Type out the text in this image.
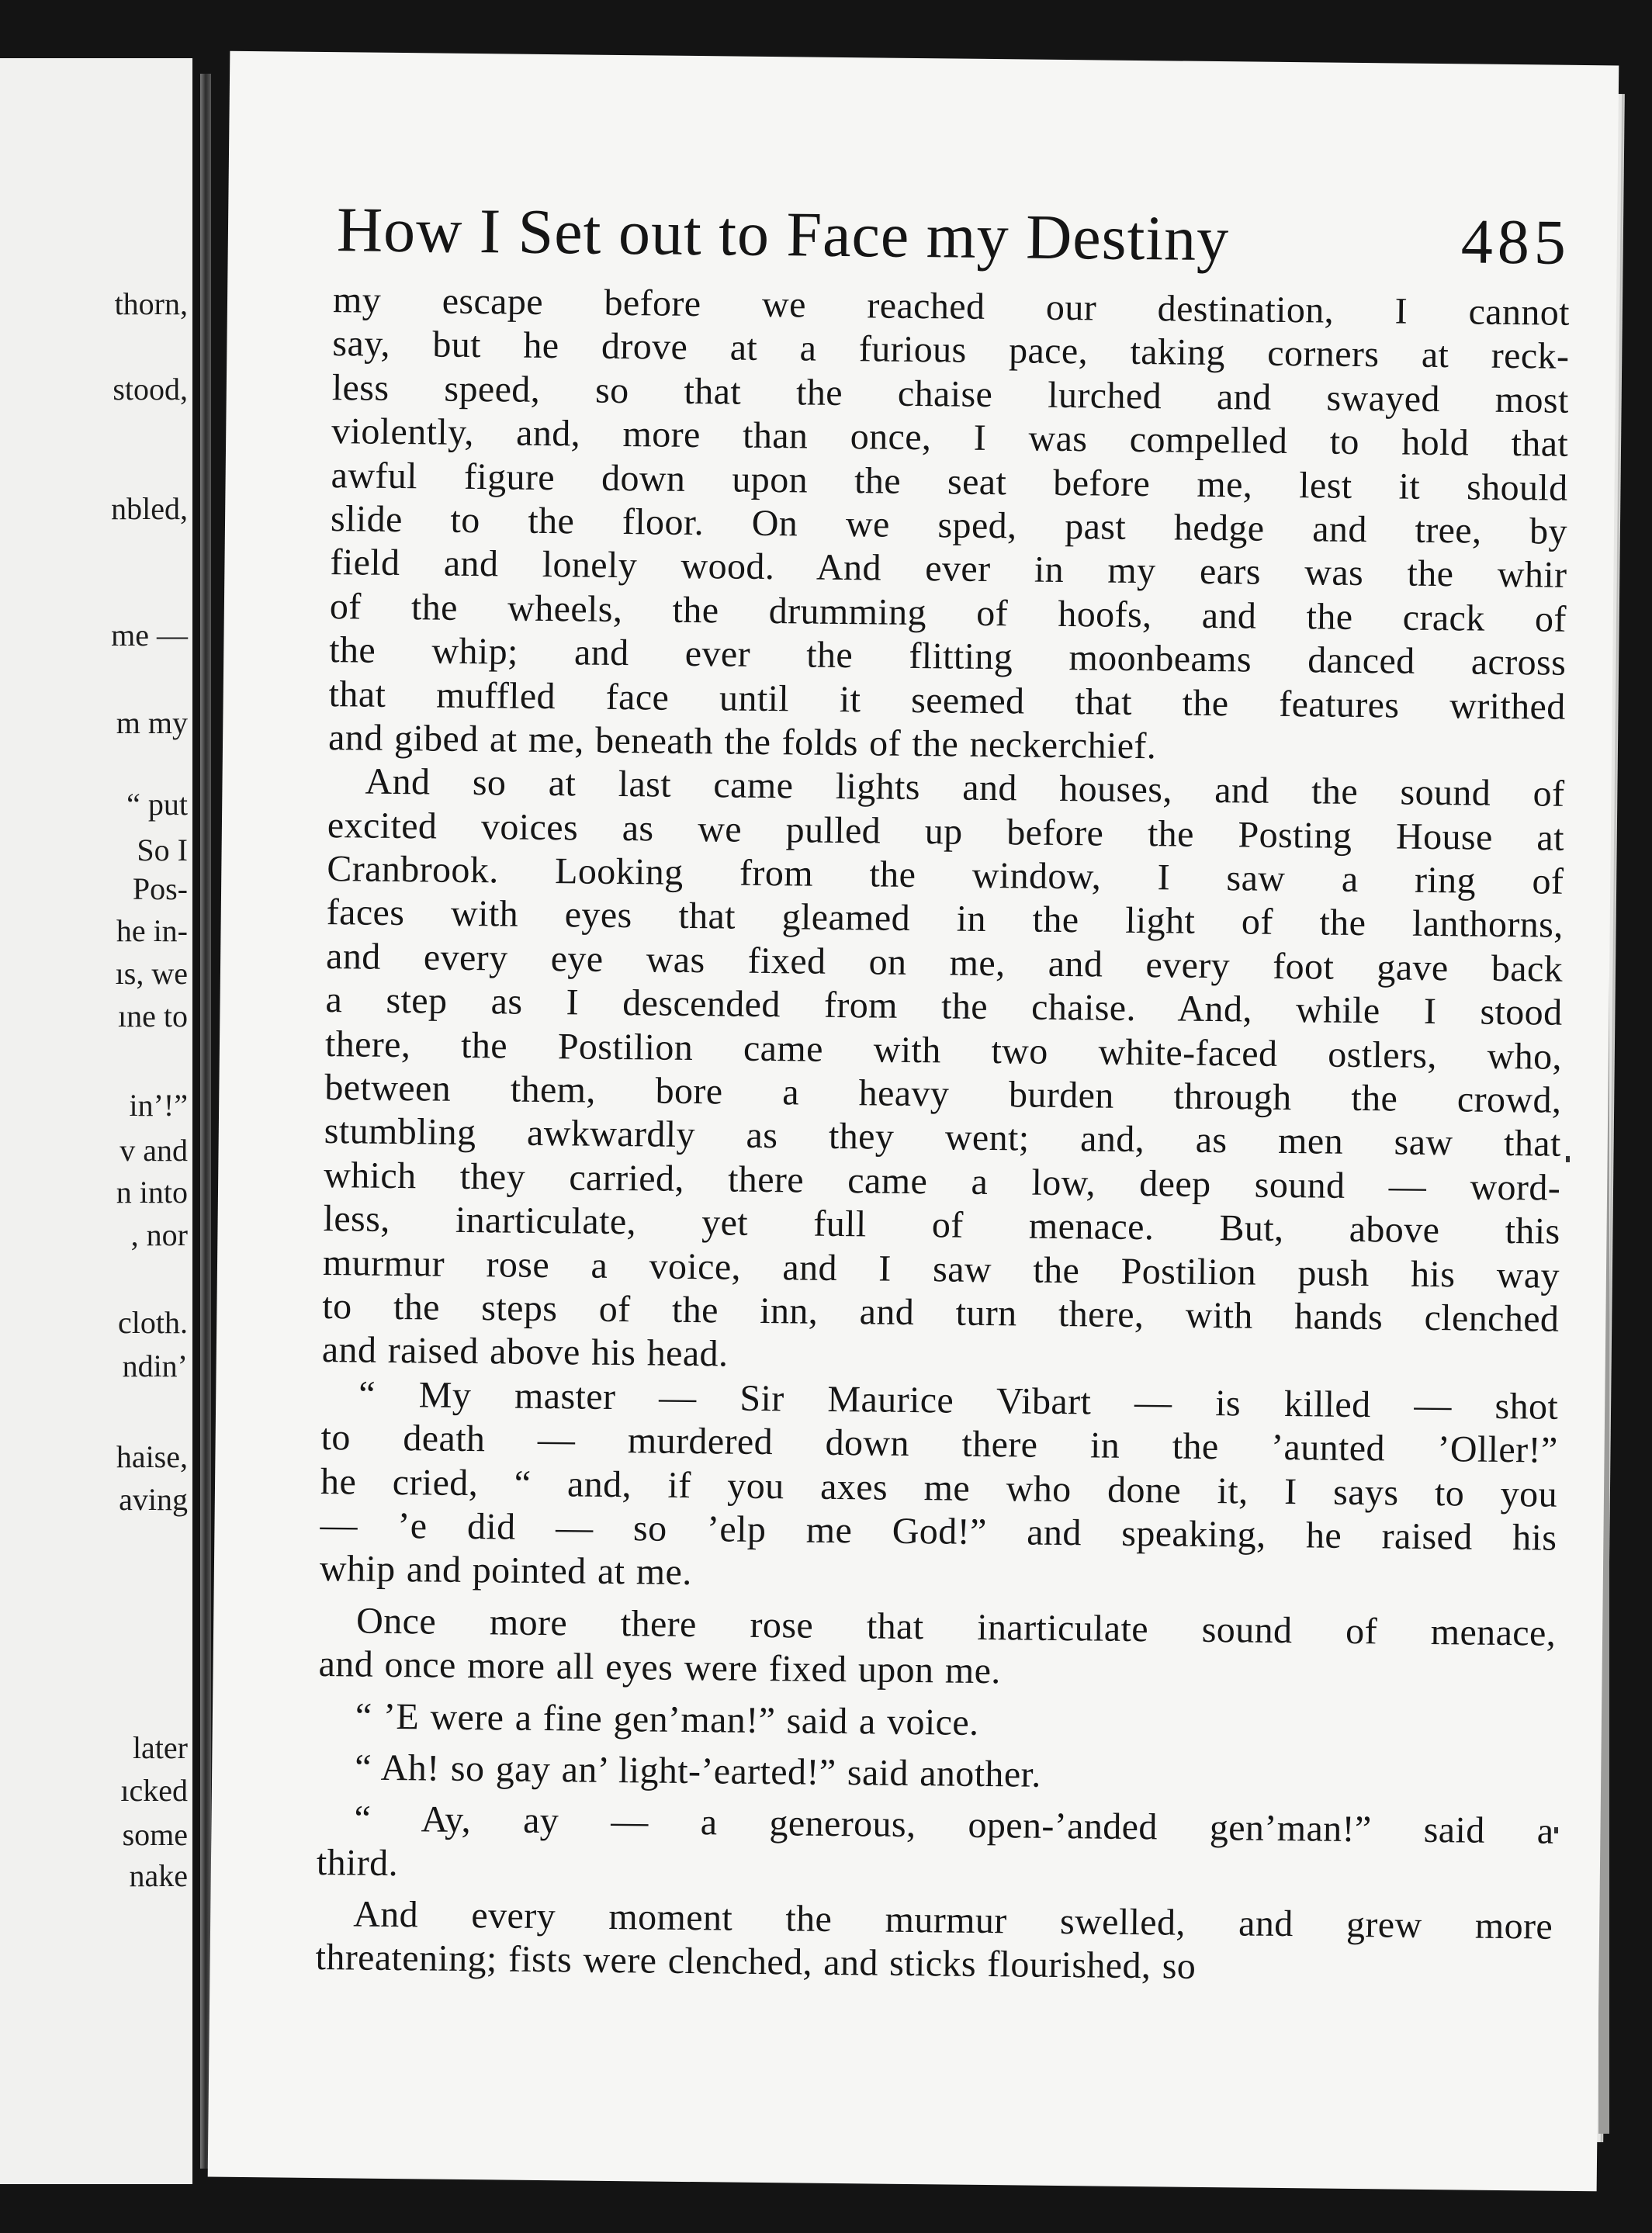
thorn,
stood,
nbled,
me —
m my
“ put
So I
Pos-
he in-
ıs, we
ıne to
in’!”
v and
n into
, nor
cloth.
ndin’
haise,
aving
later
ıcked
some
nake
How I Set out to Face my Destiny	485
my escape before we reached our destination, I cannot
say, but he drove at a furious pace, taking corners at reck-
less speed, so that the chaise lurched and swayed most
violently, and, more than once, I was compelled to hold that
awful figure down upon the seat before me, lest it should
slide to the floor. On we sped, past hedge and tree, by
field and lonely wood. And ever in my ears was the whir
of the wheels, the drumming of hoofs, and the crack of
the whip; and ever the flitting moonbeams danced across
that muffled face until it seemed that the features writhed
and gibed at me, beneath the folds of the neckerchief.
And so at last came lights and houses, and the sound of
excited voices as we pulled up before the Posting House at
Cranbrook. Looking from the window, I saw a ring of
faces with eyes that gleamed in the light of the lanthorns,
and every eye was fixed on me, and every foot gave back
a step as I descended from the chaise. And, while I stood
there, the Postilion came with two white-faced ostlers, who,
between them, bore a heavy burden through the crowd,
stumbling awkwardly as they went; and, as men saw that
which they carried, there came a low, deep sound — word-
less, inarticulate, yet full of menace. But, above this
murmur rose a voice, and I saw the Postilion push his way
to the steps of the inn, and turn there, with hands clenched
and raised above his head.
“ My master — Sir Maurice Vibart — is killed — shot
to death — murdered down there in the ’aunted ’Oller!”
he cried, “ and, if you axes me who done it, I says to you
— ’e did — so ’elp me God!” and speaking, he raised his
whip and pointed at me.
Once more there rose that inarticulate sound of menace,
and once more all eyes were fixed upon me.
“ ’E were a fine gen’man!” said a voice.
“ Ah! so gay an’ light-’earted!” said another.
“ Ay, ay — a generous, open-’anded gen’man!” said a
third.
And every moment the murmur swelled, and grew more
threatening; fists were clenched, and sticks flourished, so
